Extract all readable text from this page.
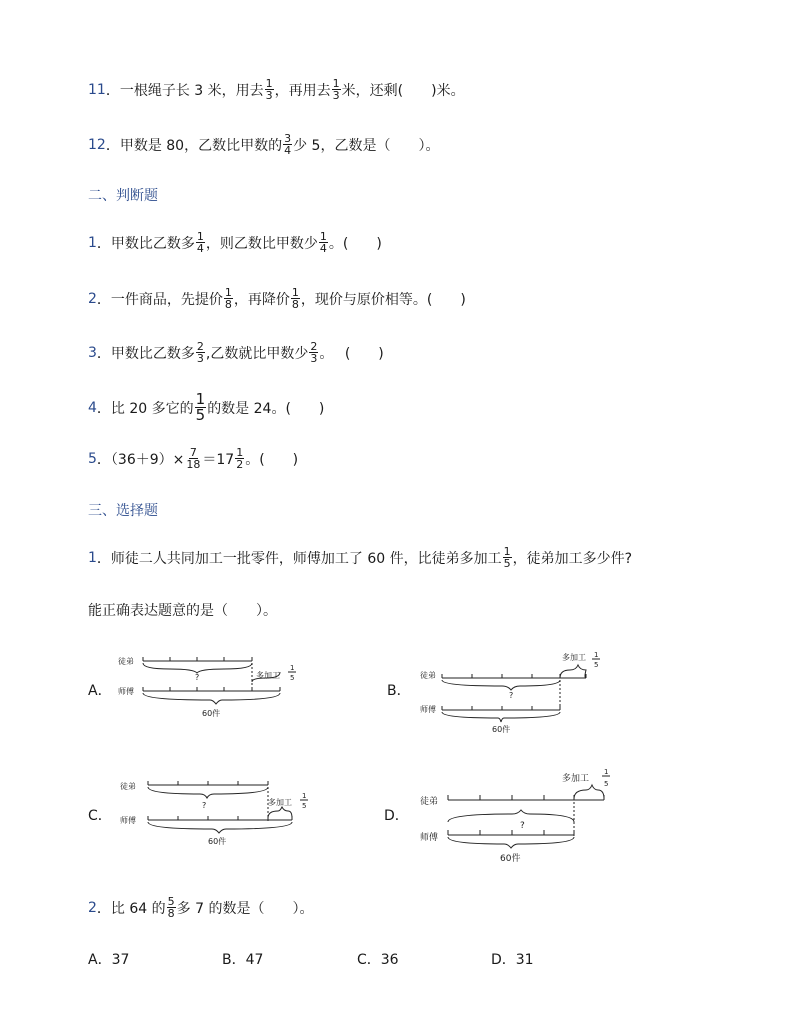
11 ．一根绳子长 3 米，用去 $\frac{1}{3}$ ，再用去 $\frac{1}{3}$ 米，还剩(　　)米。
12 ．甲数是 80，乙数比甲数的 $\frac{3}{4}$ 少 5，乙数是（　　）。
二、判断题
1 ．甲数比乙数多 $\frac{1}{4}$ ，则乙数比甲数少 $\frac{1}{4}$ 。(　　)
2 ．一件商品，先提价 $\frac{1}{8}$ ，再降价 $\frac{1}{8}$ ，现价与原价相等。(　　)
3 ．甲数比乙数多 $\frac{2}{3}$ ,乙数就比甲数少 $\frac{2}{3}$ 。　 (　　)
4 ．比 20 多它的 $\frac{1}{5}$ 的数是 24。(　　)
5 ．$(36+9)\times \frac{7}{18} =17 \frac{1}{2}$ 。(　　)
三、选择题
1 ．师徒二人共同加工一批零件，师傅加工了 60 件，比徒弟多加工 $\frac{1}{5}$ ，徒弟加工多少件?
能正确表达题意的是（　　）。
A．	B．
C．	D．
徒弟
?
师傅
多加工
1
5
60件
多加工 1
5
徒弟
?
师傅
60件
徒弟
?
师傅
多加工
1
5
60件
多加工
1
5
徒弟
师傅
?
60件
2 ．比 64 的 $\frac{5}{8}$ 多 7 的数是（　　）。
A．37	B．47	C．36	D．31
